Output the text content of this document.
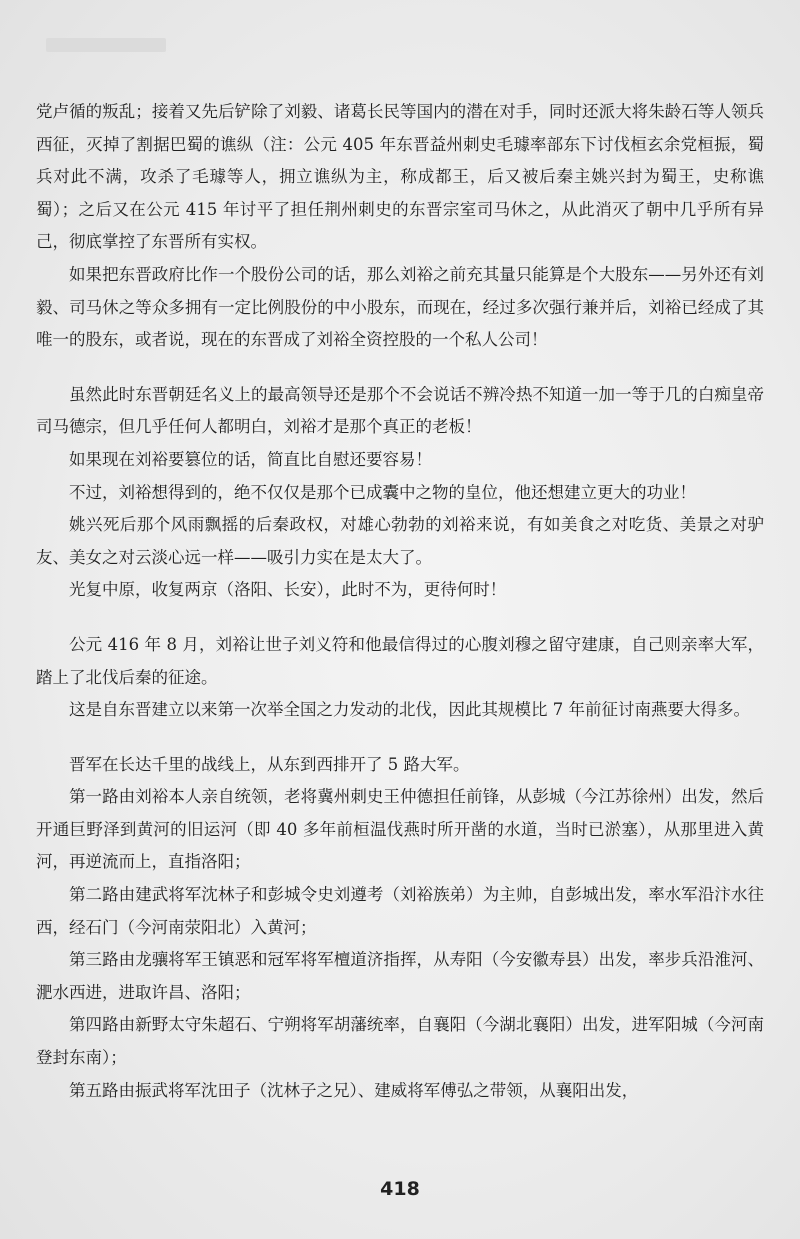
党卢循的叛乱；接着又先后铲除了刘毅、诸葛长民等国内的潜在对手，同时还派大将朱龄石等人领兵西征，灭掉了割据巴蜀的谯纵（注：公元 405 年东晋益州刺史毛璩率部东下讨伐桓玄余党桓振，蜀兵对此不满，攻杀了毛璩等人，拥立谯纵为主，称成都王，后又被后秦主姚兴封为蜀王，史称谯蜀）；之后又在公元 415 年讨平了担任荆州刺史的东晋宗室司马休之，从此消灭了朝中几乎所有异己，彻底掌控了东晋所有实权。

如果把东晋政府比作一个股份公司的话，那么刘裕之前充其量只能算是个大股东——另外还有刘毅、司马休之等众多拥有一定比例股份的中小股东，而现在，经过多次强行兼并后，刘裕已经成了其唯一的股东，或者说，现在的东晋成了刘裕全资控股的一个私人公司！

虽然此时东晋朝廷名义上的最高领导还是那个不会说话不辨冷热不知道一加一等于几的白痴皇帝司马德宗，但几乎任何人都明白，刘裕才是那个真正的老板！

如果现在刘裕要篡位的话，简直比自慰还要容易！

不过，刘裕想得到的，绝不仅仅是那个已成囊中之物的皇位，他还想建立更大的功业！

姚兴死后那个风雨飘摇的后秦政权，对雄心勃勃的刘裕来说，有如美食之对吃货、美景之对驴友、美女之对云淡心远一样——吸引力实在是太大了。

光复中原，收复两京（洛阳、长安），此时不为，更待何时！

公元 416 年 8 月，刘裕让世子刘义符和他最信得过的心腹刘穆之留守建康，自己则亲率大军，踏上了北伐后秦的征途。

这是自东晋建立以来第一次举全国之力发动的北伐，因此其规模比 7 年前征讨南燕要大得多。

晋军在长达千里的战线上，从东到西排开了 5 路大军。

第一路由刘裕本人亲自统领，老将冀州刺史王仲德担任前锋，从彭城（今江苏徐州）出发，然后开通巨野泽到黄河的旧运河（即 40 多年前桓温伐燕时所开凿的水道，当时已淤塞），从那里进入黄河，再逆流而上，直指洛阳；

第二路由建武将军沈林子和彭城令史刘遵考（刘裕族弟）为主帅，自彭城出发，率水军沿汴水往西，经石门（今河南荥阳北）入黄河；

第三路由龙骧将军王镇恶和冠军将军檀道济指挥，从寿阳（今安徽寿县）出发，率步兵沿淮河、淝水西进，进取许昌、洛阳；

第四路由新野太守朱超石、宁朔将军胡藩统率，自襄阳（今湖北襄阳）出发，进军阳城（今河南登封东南）；

第五路由振武将军沈田子（沈林子之兄）、建威将军傅弘之带领，从襄阳出发，

418
